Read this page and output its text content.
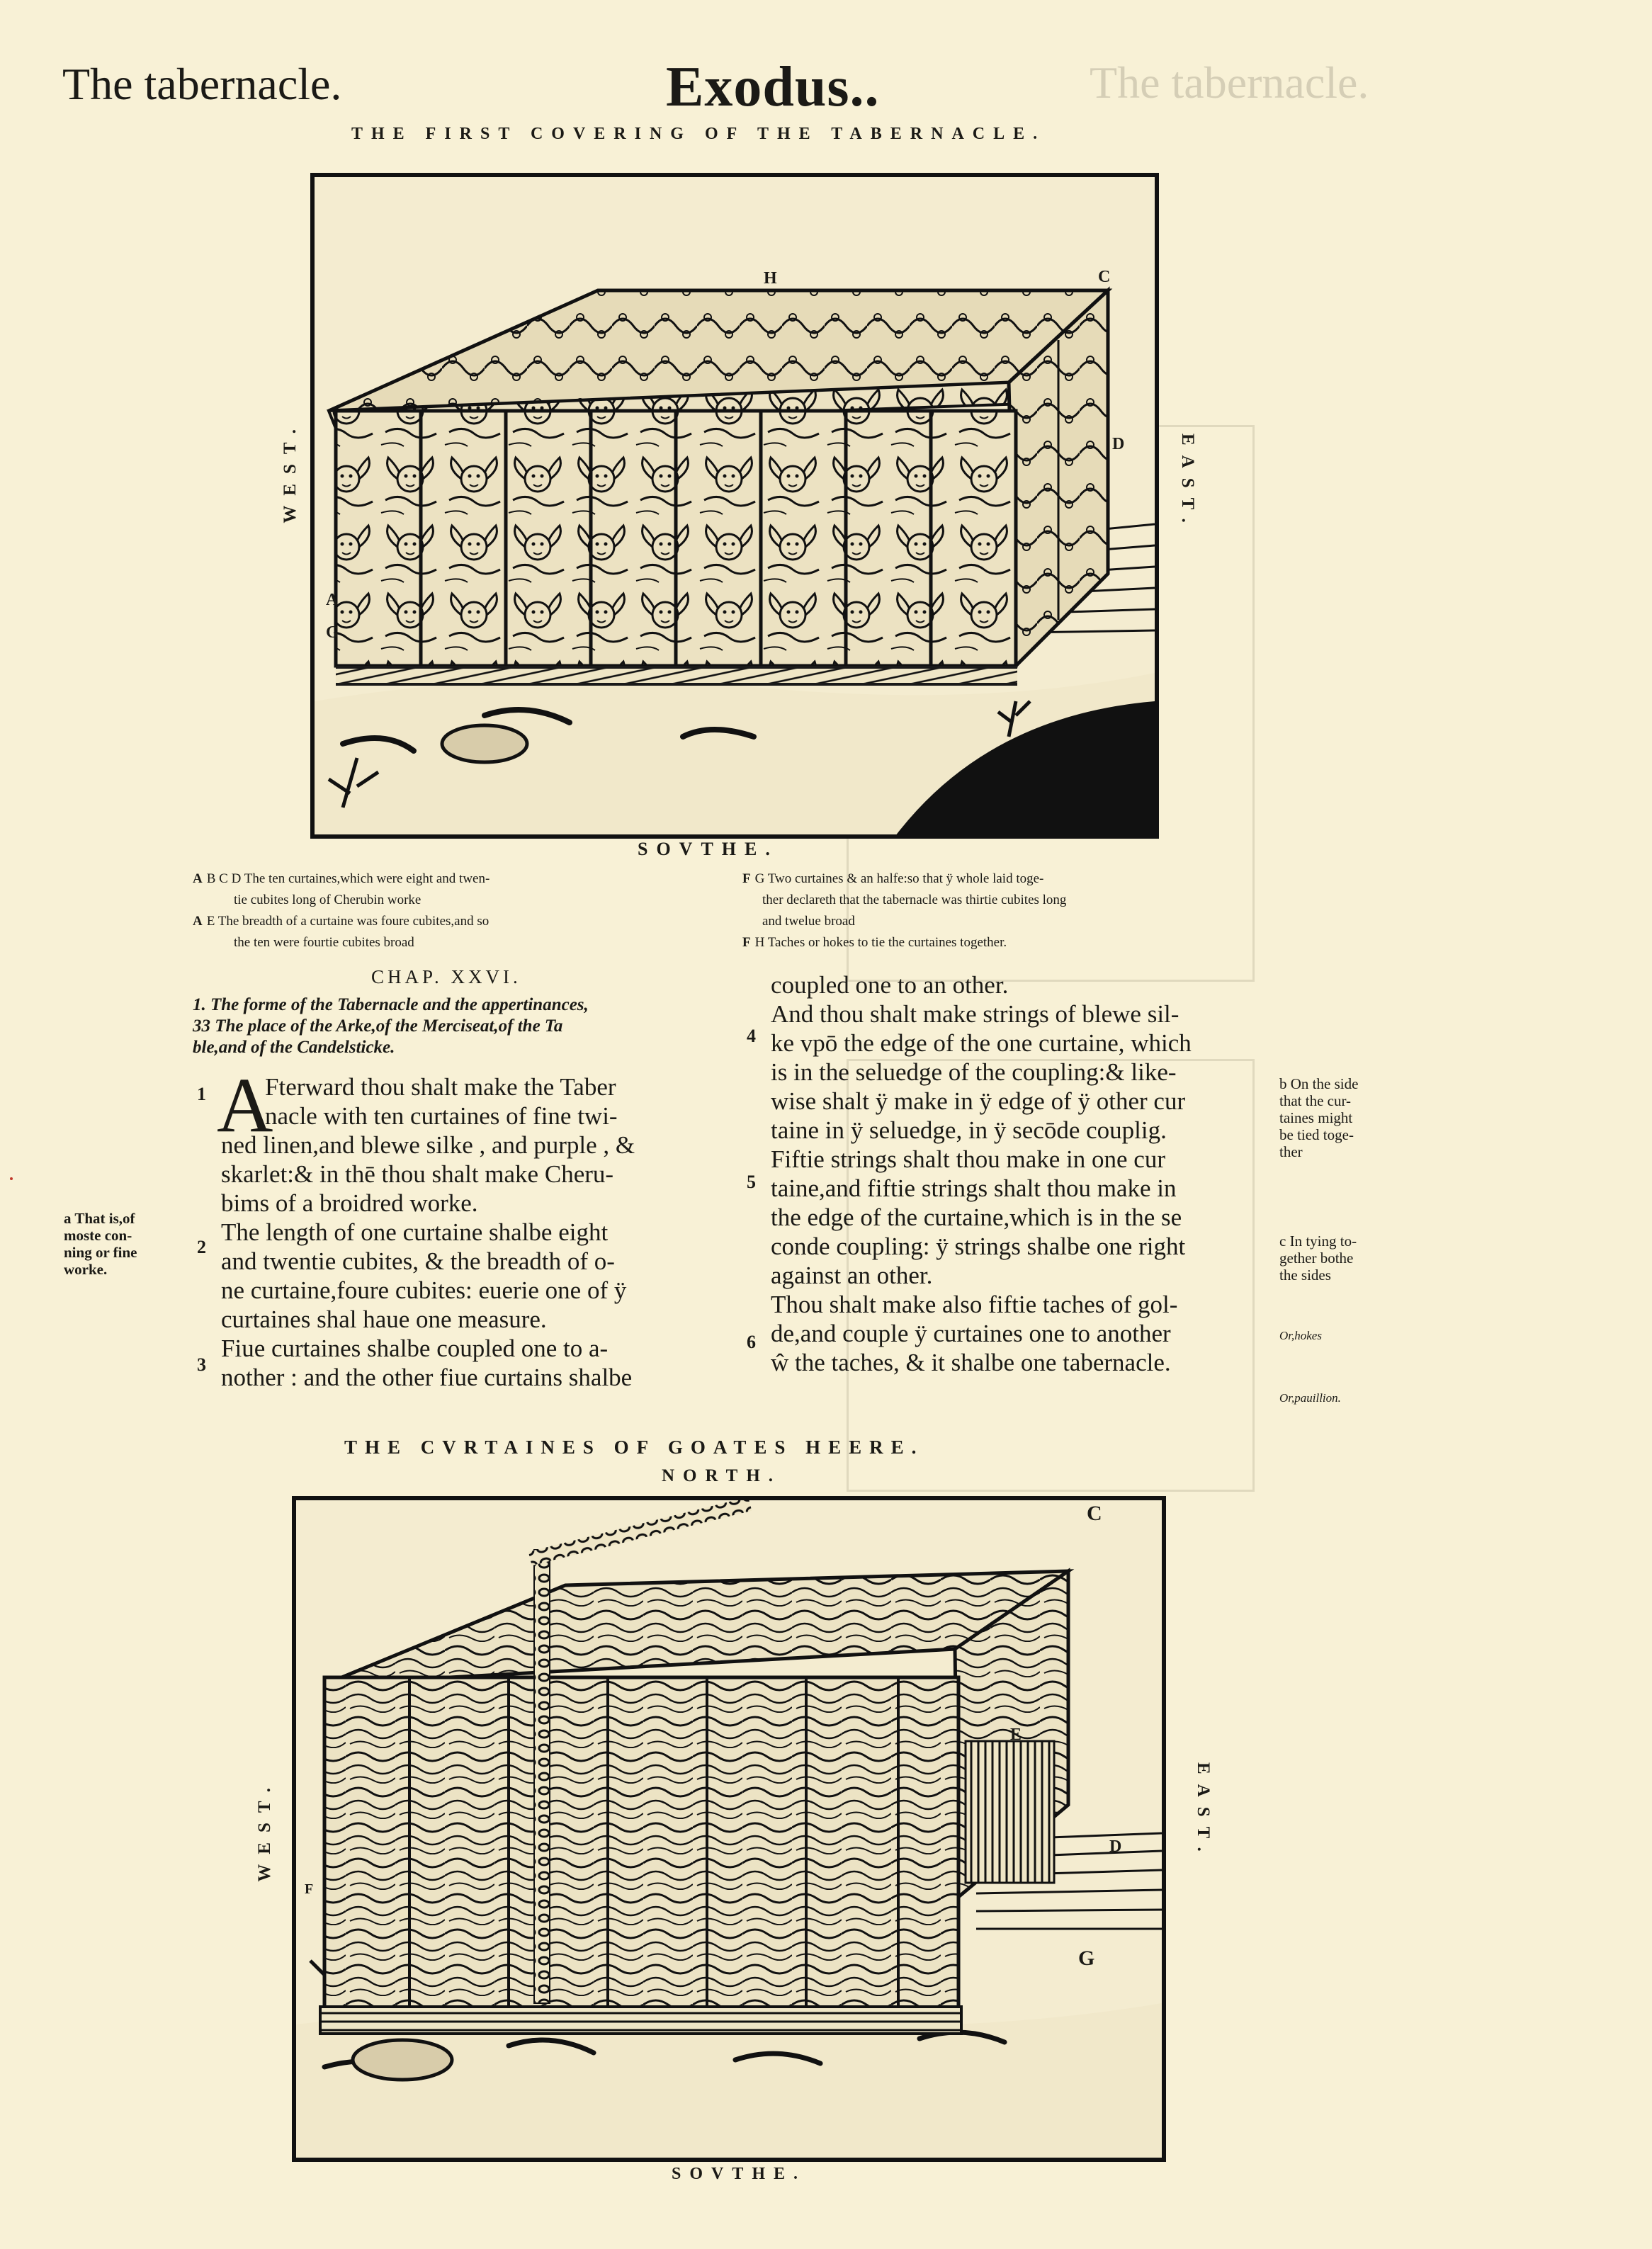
The tabernacle.
The tabernacle.	Exodus..
THE FIRST COVERING OF THE TABERNACLE.
WEST.	EAST.
H	C
D
G
A
SOVTHE.
A B C D The ten curtaines,which were eight and twen-
tie cubites long of Cherubin worke
A E The breadth of a curtaine was foure cubites,and so
the ten were fourtie cubites broad
F G Two curtaines & an halfe:so that ÿ whole laid toge-
ther declareth that the tabernacle was thirtie cubites long
and twelue broad
F H Taches or hokes to tie the curtaines together.
CHAP. XXVI.
1. The forme of the Tabernacle and the appertinances,
33 The place of the Arke,of the Merciseat,of the Ta
ble,and of the Candelsticke.
a That is,of
moste con-
ning or fine
worke.
1
2
3
A
Fterward thou shalt make the Taber
nacle with ten curtaines of fine twi-
ned linen,and blewe silke , and purple , &
skarlet:& in thē thou shalt make Cheru-
bims of a broidred worke.
The length of one curtaine shalbe eight
and twentie cubites, & the breadth of o-
ne curtaine,foure cubites: euerie one of ÿ
curtaines shal haue one measure.
Fiue curtaines shalbe coupled one to a-
nother : and the other fiue curtains shalbe
4
5
6
coupled one to an other.
And thou shalt make strings of blewe sil-
ke vpō the edge of the one curtaine, which
is in the seluedge of the coupling:& like-
wise shalt ÿ make in ÿ edge of ÿ other cur
taine in ÿ seluedge, in ÿ secōde couplig.
Fiftie strings shalt thou make in one cur
taine,and fiftie strings shalt thou make in
the edge of the curtaine,which is in the se
conde coupling: ÿ strings shalbe one right
against an other.
Thou shalt make also fiftie taches of gol-
de,and couple ÿ curtaines one to another
ŵ the taches, & it shalbe one tabernacle.
b On the side
that the cur-
taines might
be tied toge-
ther
c In tying to-
gether bothe
the sides
Or,hokes
Or,pauillion.
THE CVRTAINES OF GOATES HEERE.
NORTH.
WEST.	EAST.
C
E
D
G
F
SOVTHE.
